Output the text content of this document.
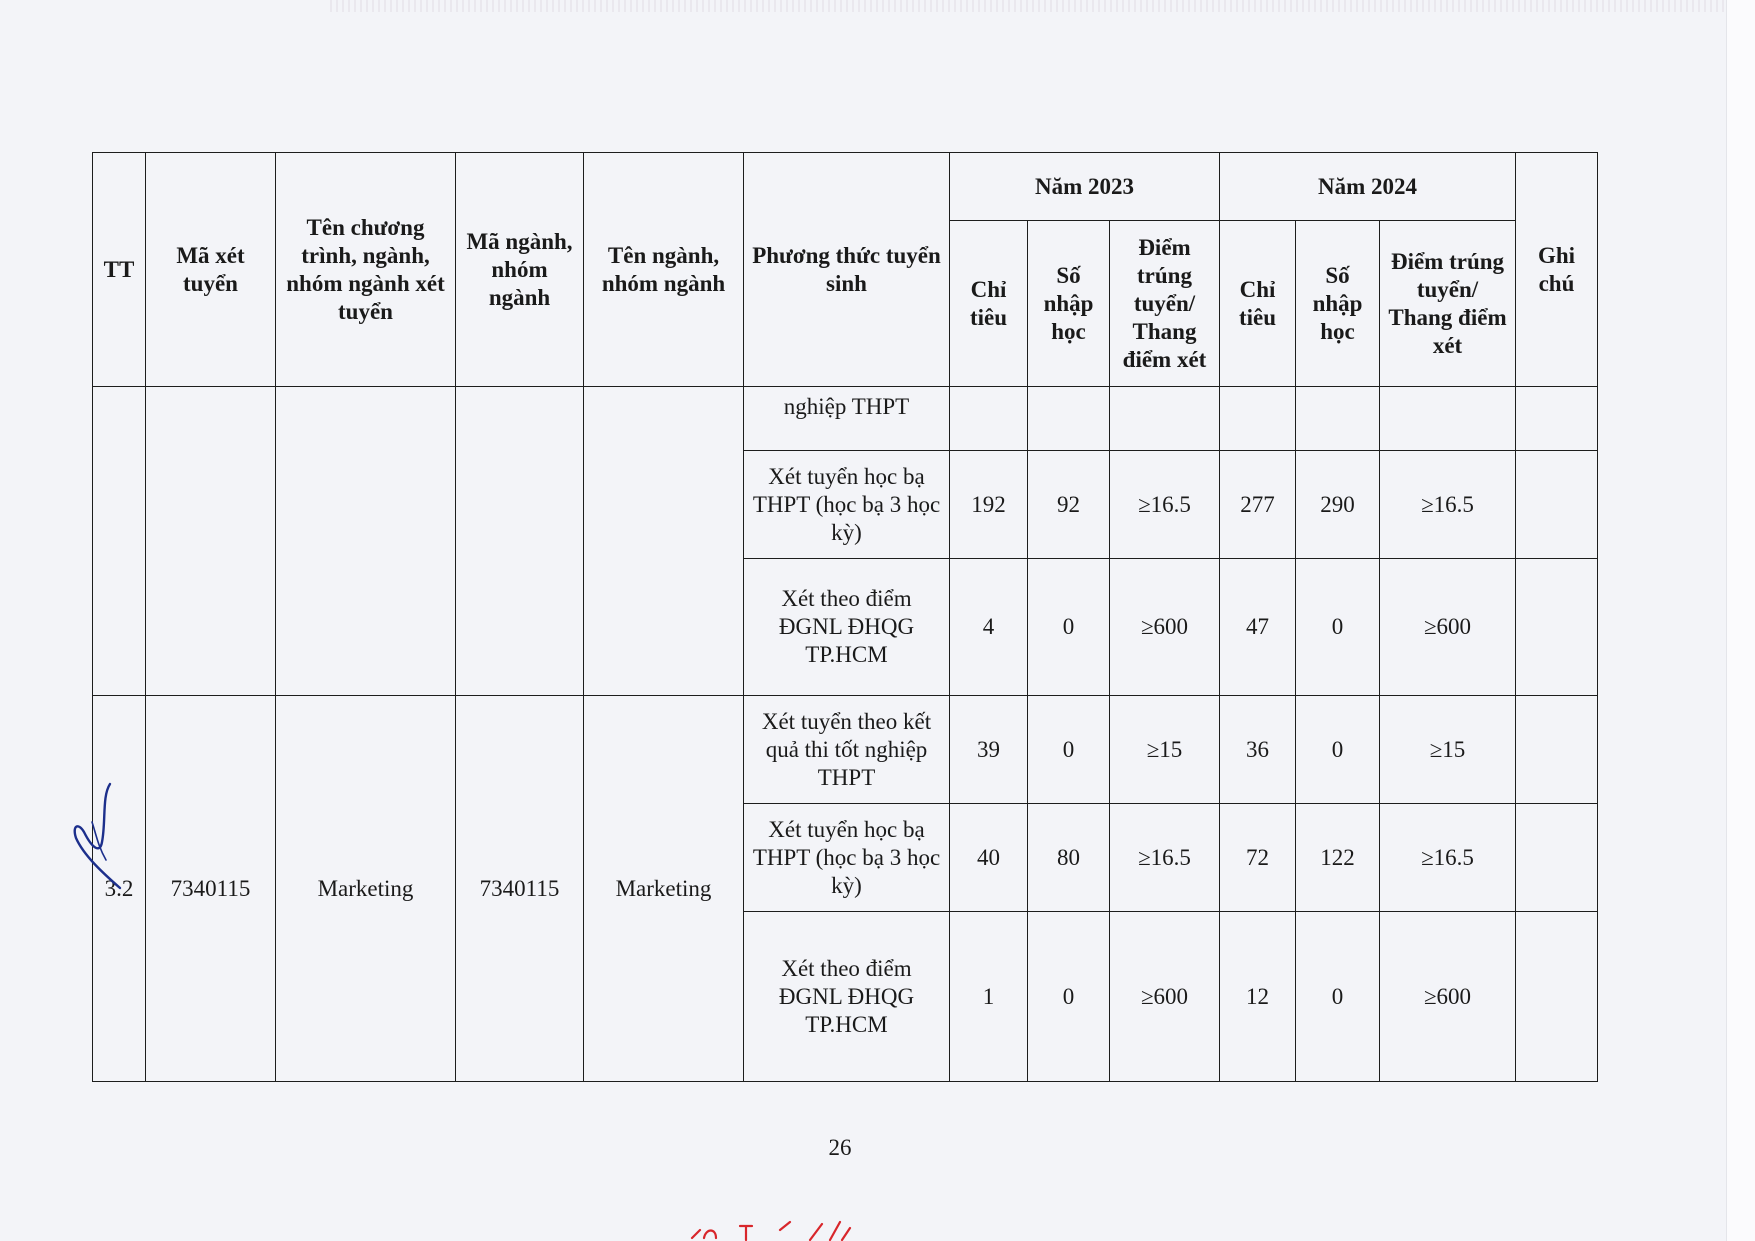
TT	Mã xét tuyển	Tên chương trình, ngành, nhóm ngành xét tuyển	Mã ngành, nhóm ngành	Tên ngành, nhóm ngành	Phương thức tuyển sinh	Năm 2023			Năm 2024			Ghi chú
						Chỉ tiêu	Số nhập học	Điểm trúng tuyển/ Thang điểm xét	Chỉ tiêu	Số nhập học	Điểm trúng tuyển/ Thang điểm xét	
					nghiệp THPT							
					Xét tuyển học bạ THPT (học bạ 3 học kỳ)	192	92	≥16.5	277	290	≥16.5	
					Xét theo điểm ĐGNL ĐHQG TP.HCM	4	0	≥600	47	0	≥600	
3.2	7340115	Marketing	7340115	Marketing	Xét tuyển theo kết quả thi tốt nghiệp THPT	39	0	≥15	36	0	≥15	
					Xét tuyển học bạ THPT (học bạ 3 học kỳ)	40	80	≥16.5	72	122	≥16.5	
					Xét theo điểm ĐGNL ĐHQG TP.HCM	1	0	≥600	12	0	≥600	
26
